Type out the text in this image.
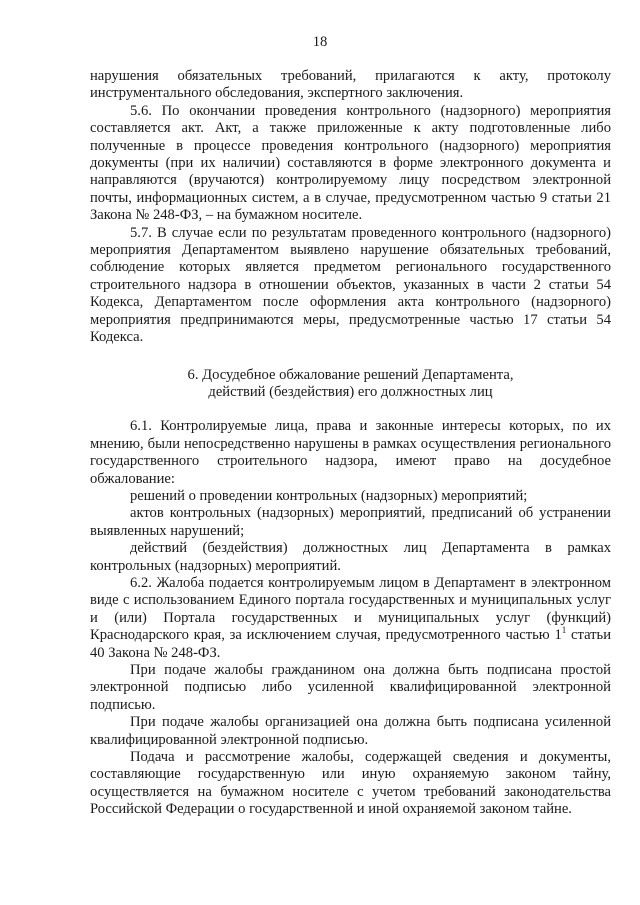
18

нарушения обязательных требований, прилагаются к акту, протоколу инструментального обследования, экспертного заключения.

5.6. По окончании проведения контрольного (надзорного) мероприятия составляется акт. Акт, а также приложенные к акту подготовленные либо полученные в процессе проведения контрольного (надзорного) мероприятия документы (при их наличии) составляются в форме электронного документа и направляются (вручаются) контролируемому лицу посредством электронной почты, информационных систем, а в случае, предусмотренном частью 9 статьи 21 Закона № 248-ФЗ, – на бумажном носителе.

5.7. В случае если по результатам проведенного контрольного (надзорного) мероприятия Департаментом выявлено нарушение обязательных требований, соблюдение которых является предметом регионального государственного строительного надзора в отношении объектов, указанных в части 2 статьи 54 Кодекса, Департаментом после оформления акта контрольного (надзорного) мероприятия предпринимаются меры, предусмотренные частью 17 статьи 54 Кодекса.

6. Досудебное обжалование решений Департамента,
действий (бездействия) его должностных лиц

6.1. Контролируемые лица, права и законные интересы которых, по их мнению, были непосредственно нарушены в рамках осуществления регионального государственного строительного надзора, имеют право на досудебное обжалование:

решений о проведении контрольных (надзорных) мероприятий;

актов контрольных (надзорных) мероприятий, предписаний об устранении выявленных нарушений;

действий (бездействия) должностных лиц Департамента в рамках контрольных (надзорных) мероприятий.

6.2. Жалоба подается контролируемым лицом в Департамент в электронном виде с использованием Единого портала государственных и муниципальных услуг и (или) Портала государственных и муниципальных услуг (функций) Краснодарского края, за исключением случая, предусмотренного частью $1^1$ статьи 40 Закона № 248-ФЗ.

При подаче жалобы гражданином она должна быть подписана простой электронной подписью либо усиленной квалифицированной электронной подписью.

При подаче жалобы организацией она должна быть подписана усиленной квалифицированной электронной подписью.

Подача и рассмотрение жалобы, содержащей сведения и документы, составляющие государственную или иную охраняемую законом тайну, осуществляется на бумажном носителе с учетом требований законодательства Российской Федерации о государственной и иной охраняемой законом тайне.
